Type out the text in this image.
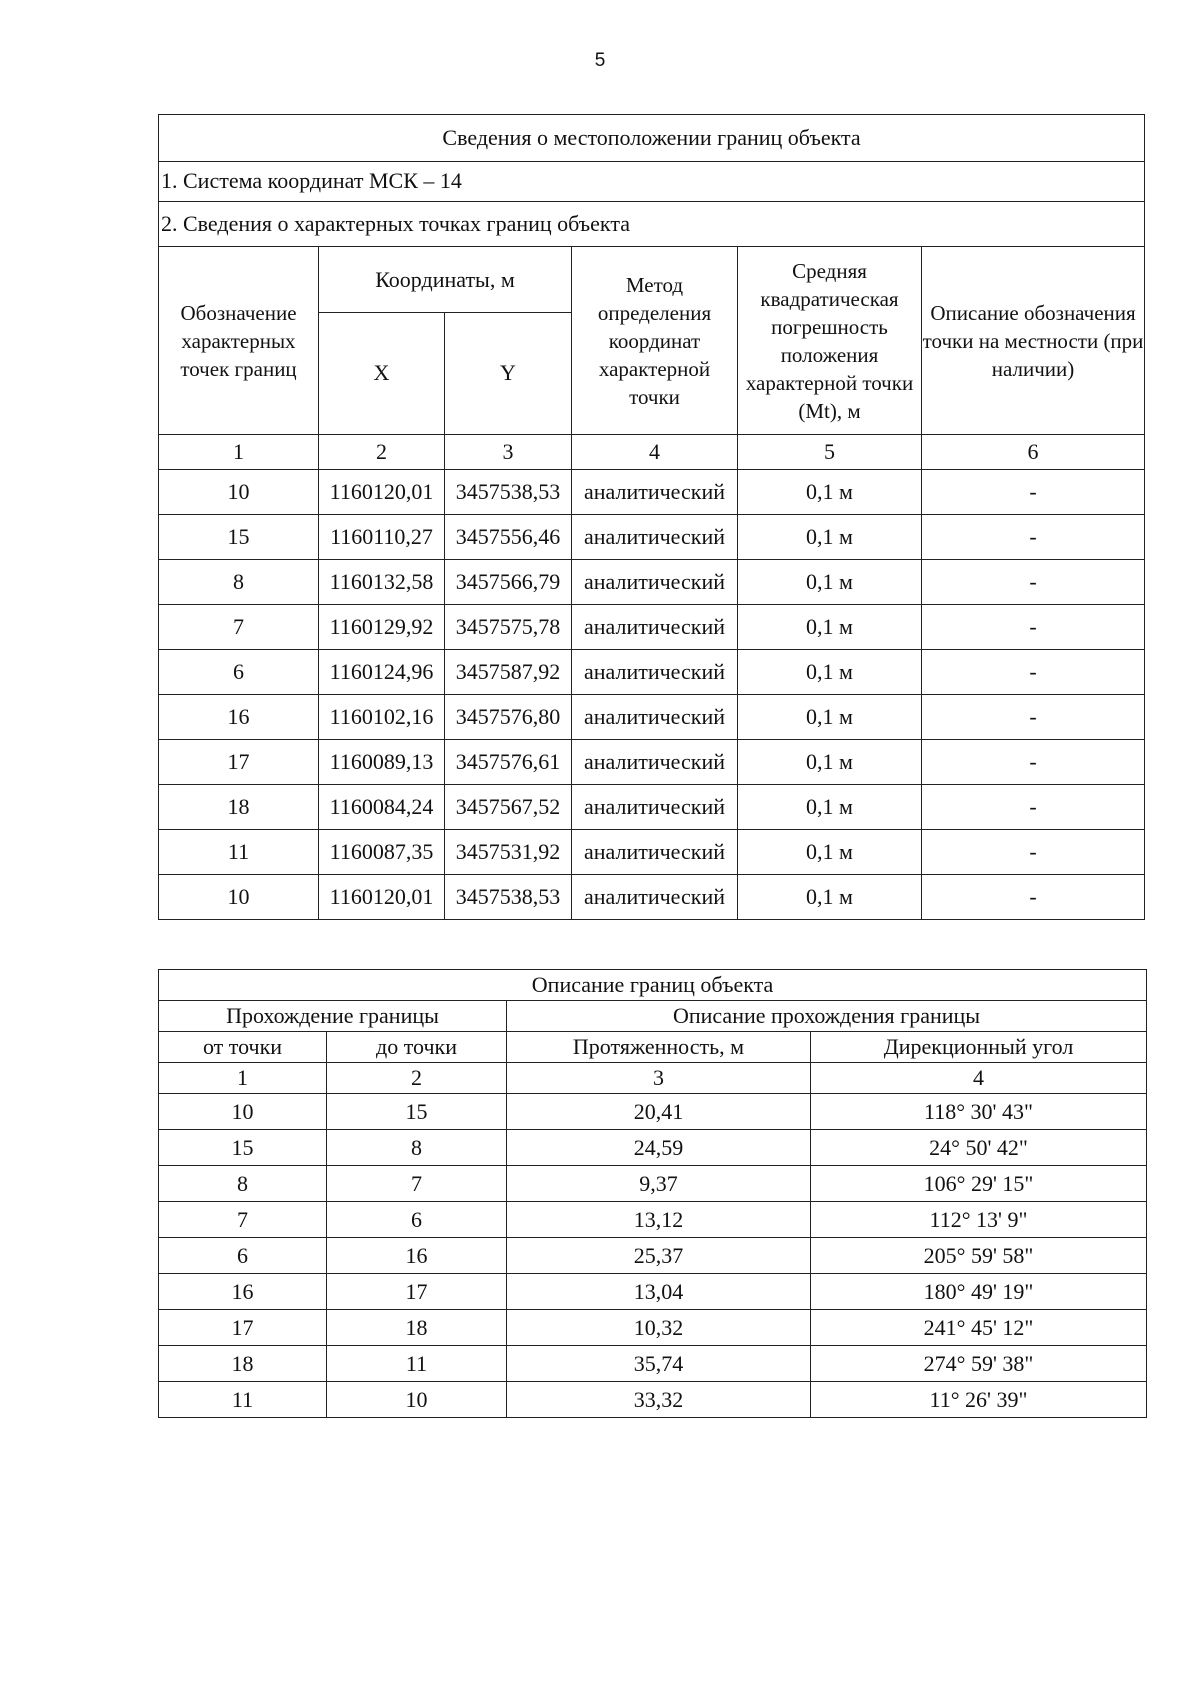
5
Сведения о местоположении границ объекта					
1. Система координат МСК – 14					
2. Сведения о характерных точках границ объекта					
Обозначение характерных точек границ	Координаты, м		Метод определения координат характерной точки	Средняя квадратическая погрешность положения характерной точки (Mt), м	Описание обозначения точки на местности (при наличии)
	X	Y			
1	2	3	4	5	6
10	1160120,01	3457538,53	аналитический	0,1 м	-
15	1160110,27	3457556,46	аналитический	0,1 м	-
8	1160132,58	3457566,79	аналитический	0,1 м	-
7	1160129,92	3457575,78	аналитический	0,1 м	-
6	1160124,96	3457587,92	аналитический	0,1 м	-
16	1160102,16	3457576,80	аналитический	0,1 м	-
17	1160089,13	3457576,61	аналитический	0,1 м	-
18	1160084,24	3457567,52	аналитический	0,1 м	-
11	1160087,35	3457531,92	аналитический	0,1 м	-
10	1160120,01	3457538,53	аналитический	0,1 м	-
Описание границ объекта			
Прохождение границы		Описание прохождения границы	
от точки	до точки	Протяженность, м	Дирекционный угол
1	2	3	4
10	15	20,41	118° 30' 43"
15	8	24,59	24° 50' 42"
8	7	9,37	106° 29' 15"
7	6	13,12	112° 13' 9"
6	16	25,37	205° 59' 58"
16	17	13,04	180° 49' 19"
17	18	10,32	241° 45' 12"
18	11	35,74	274° 59' 38"
11	10	33,32	11° 26' 39"
